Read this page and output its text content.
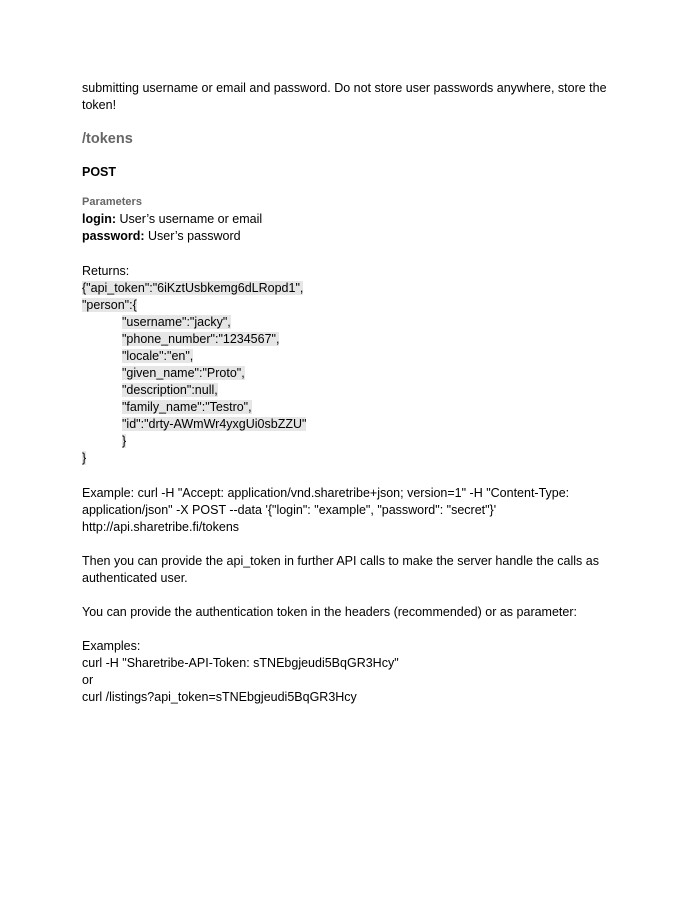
submitting username or email and password. Do not store user passwords anywhere, store the token!
/tokens
POST
Parameters
login: User’s username or email
password: User’s password
Returns:
{"api_token":"6iKztUsbkemg6dLRopd1",
"person":{
"username":"jacky",
"phone_number":"1234567",
"locale":"en",
"given_name":"Proto",
"description":null,
"family_name":"Testro",
"id":"drty-AWmWr4yxgUi0sbZZU"
}
}
Example: curl -H "Accept: application/vnd.sharetribe+json; version=1" -H "Content-Type: application/json" -X POST --data '{"login": "example", "password": "secret"}' http://api.sharetribe.fi/tokens
Then you can provide the api_token in further API calls to make the server handle the calls as authenticated user.
You can provide the authentication token in the headers (recommended) or as parameter:
Examples:
curl -H "Sharetribe-API-Token: sTNEbgjeudi5BqGR3Hcy"
or
curl /listings?api_token=sTNEbgjeudi5BqGR3Hcy
